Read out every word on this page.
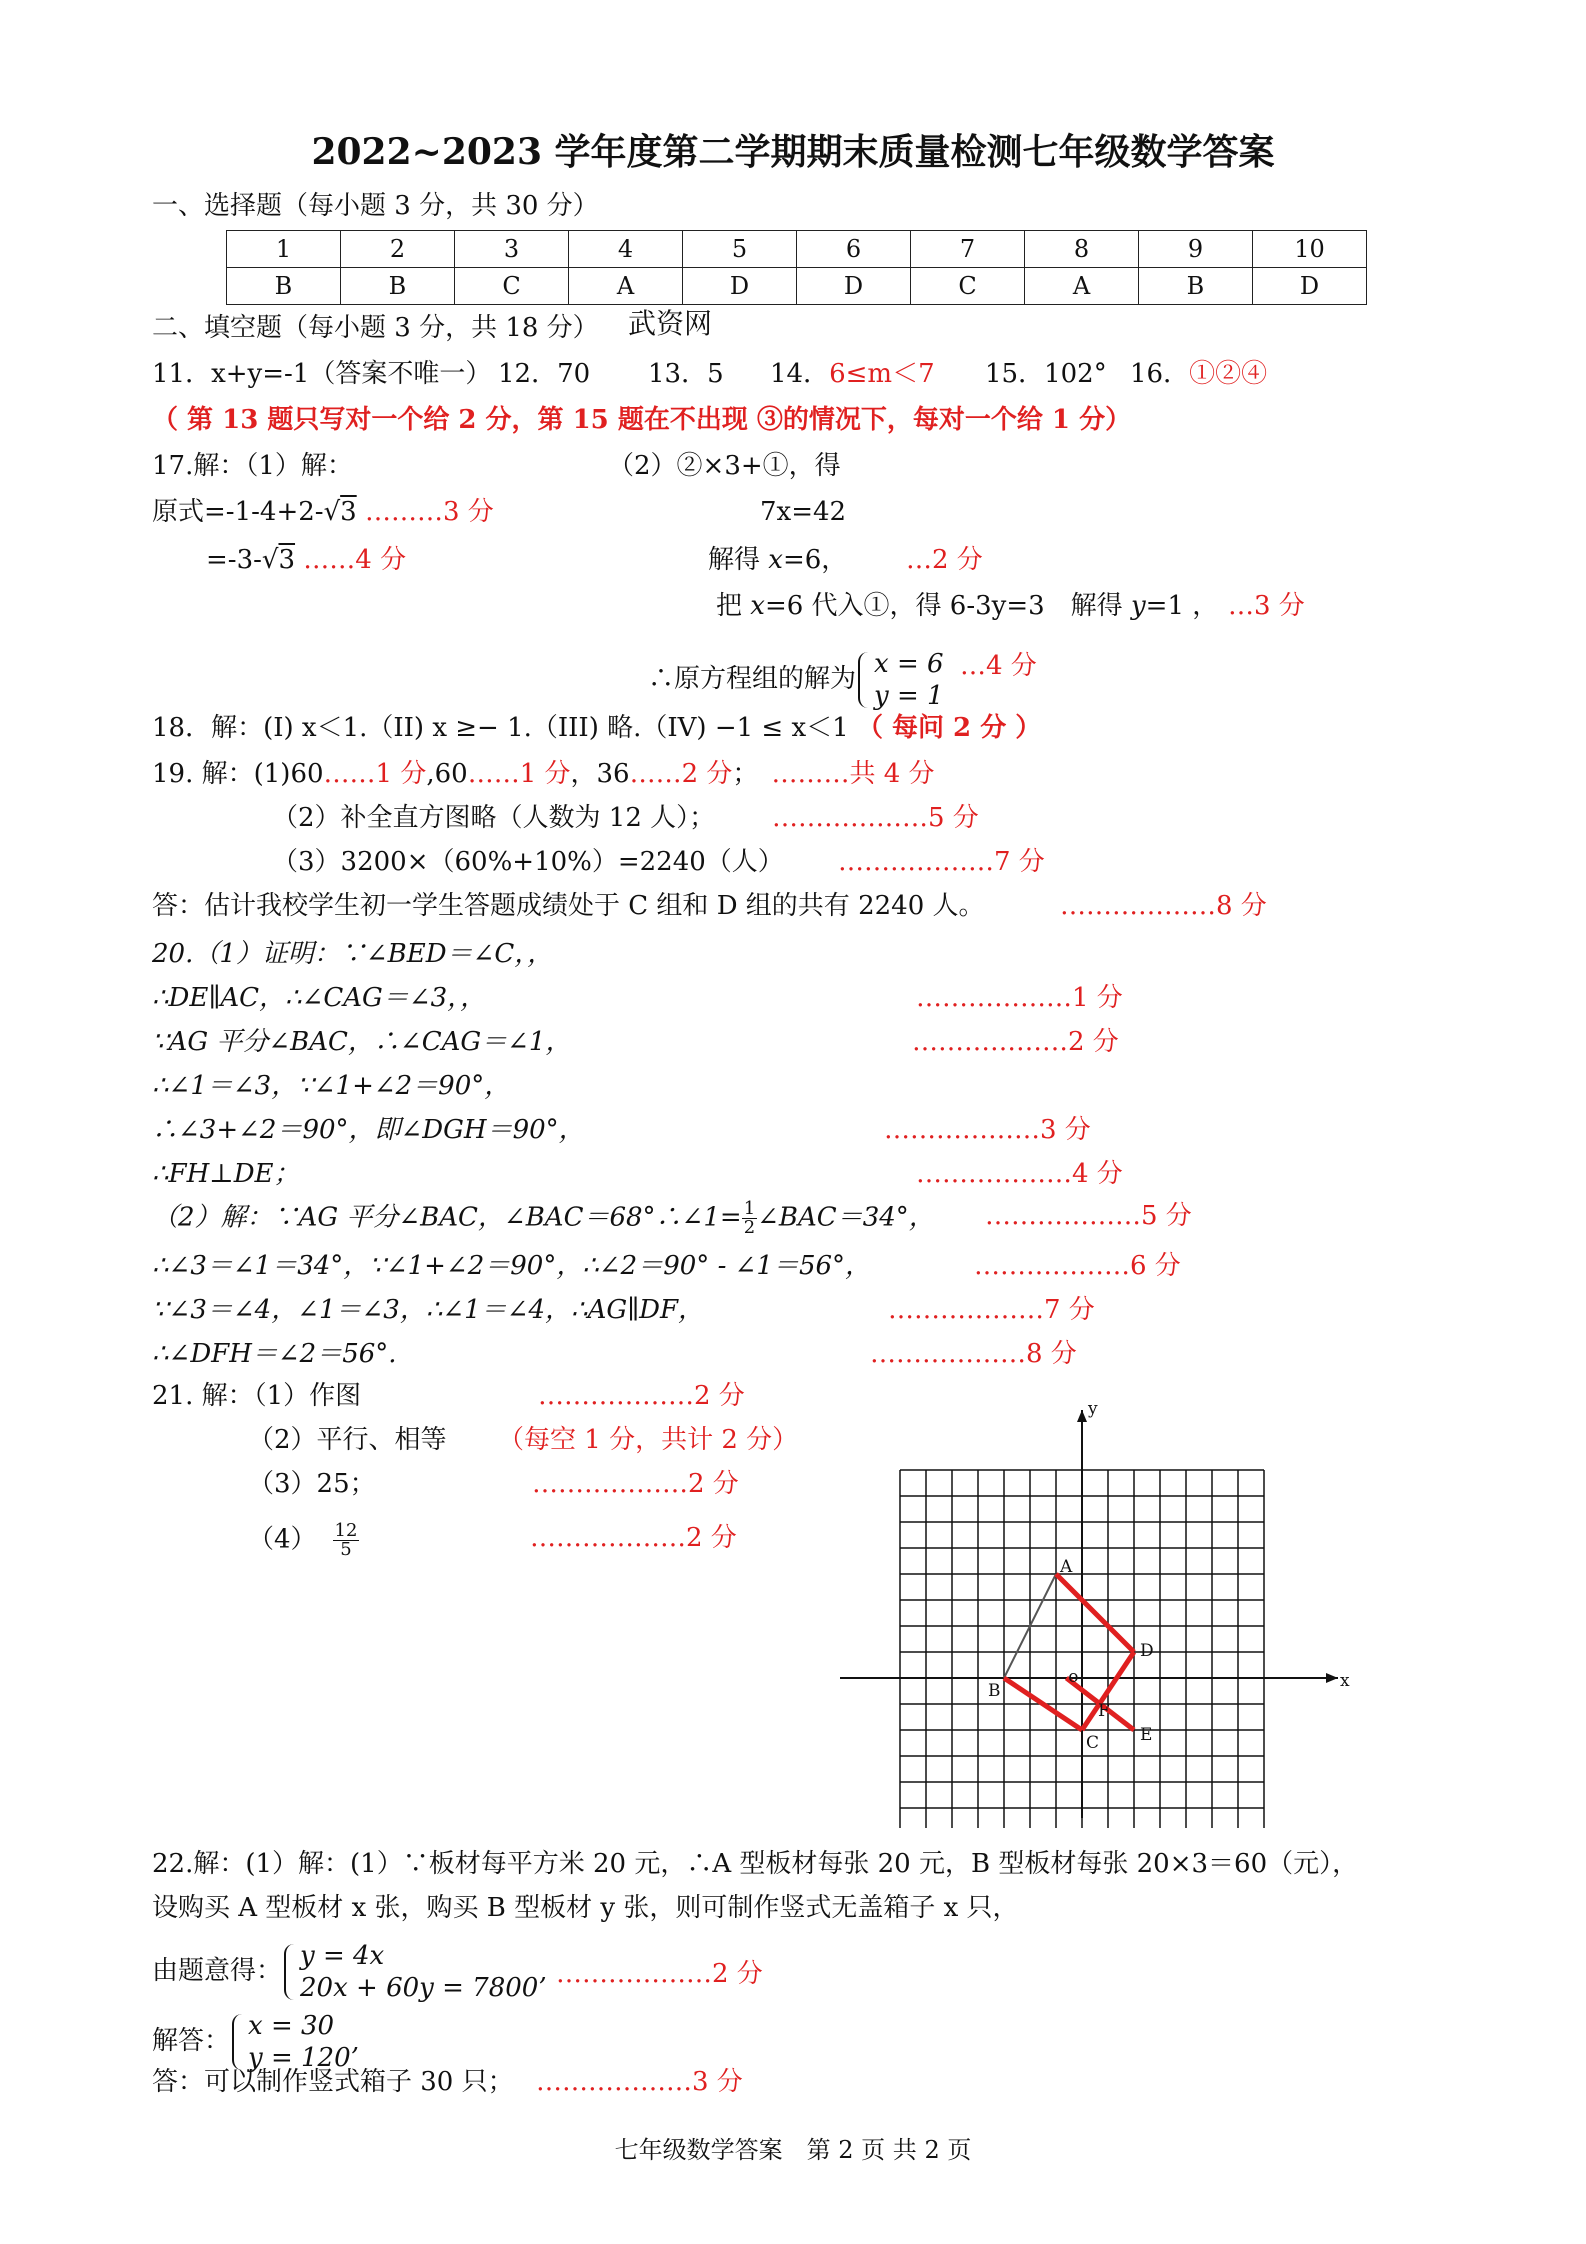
2022~2023 学年度第二学期期末质量检测七年级数学答案
一、选择题（每小题 3 分，共 30 分）
1	2	3	4	5	6	7	8	9	10
B	B	C	A	D	D	C	A	B	D
二、填空题（每小题 3 分，共 18 分） 武资网
11．x+y=-1（答案不唯一） 12．70 13．5 14．6≤m＜7 15．102° 16．①②④
（ 第 13 题只写对一个给 2 分，第 15 题在不出现 ③的情况下，每对一个给 1 分）
17.解：（1）解：	（2）②×3+①，得
原式=-1-4+2-√3 ………3 分	7x=42
=-3-√3 ……4 分	解得 x=6， …2 分
把 x=6 代入①，得 6-3y=3　解得 y=1 ， …3 分
∴原方程组的解为 x = 6
y = 1
…4 分
18．解：(I) x＜1.（II) x ≥− 1.（III) 略.（IV) −1 ≤ x＜1 （ 每问 2 分 ）
19. 解：(1)60……1 分,60……1 分，36……2 分；　 ………共 4 分
（2）补全直方图略（人数为 12 人）； ………………5 分
（3）3200×（60%+10%）=2240（人） ………………7 分
答：估计我校学生初一学生答题成绩处于 C 组和 D 组的共有 2240 人。	………………8 分
20.（1）证明：∵∠BED＝∠C，，
∴DE∥AC，∴∠CAG＝∠3，，	………………1 分
∵AG 平分∠BAC，∴∠CAG＝∠1，	………………2 分
∴∠1＝∠3，∵∠1+∠2＝90°，
∴∠3+∠2＝90°，即∠DGH＝90°，	………………3 分
∴FH⊥DE；	………………4 分
（2）解：∵AG 平分∠BAC，∠BAC＝68°∴∠1= $\frac{1}{2}\angle BAC=34^\circ$， ………………5 分
∴∠3＝∠1＝34°，∵∠1+∠2＝90°，∴∠2＝90° - ∠1＝56°，	………………6 分
∵∠3＝∠4，∠1＝∠3，∴∠1＝∠4，∴AG∥DF，	………………7 分
∴∠DFH＝∠2＝56°.	………………8 分
21. 解：（1）作图	………………2 分
（2）平行、相等 （每空 1 分，共计 2 分）
（3）25；	………………2 分
$(4) \frac{12}{5}$	………………2 分
A
B
C
D
E
F
o	x
y
22.解：(1）解：(1）∵板材每平方米 20 元，∴A 型板材每张 20 元，B 型板材每张 20×3＝60（元），
设购买 A 型板材 x 张，购买 B 型板材 y 张，则可制作竖式无盖箱子 x 只，
由题意得： y = 4x
20x + 60y = 7800’ ………………2 分
解答： x = 30
y = 120’
答：可以制作竖式箱子 30 只； ………………3 分
七年级数学答案　第 2 页 共 2 页
